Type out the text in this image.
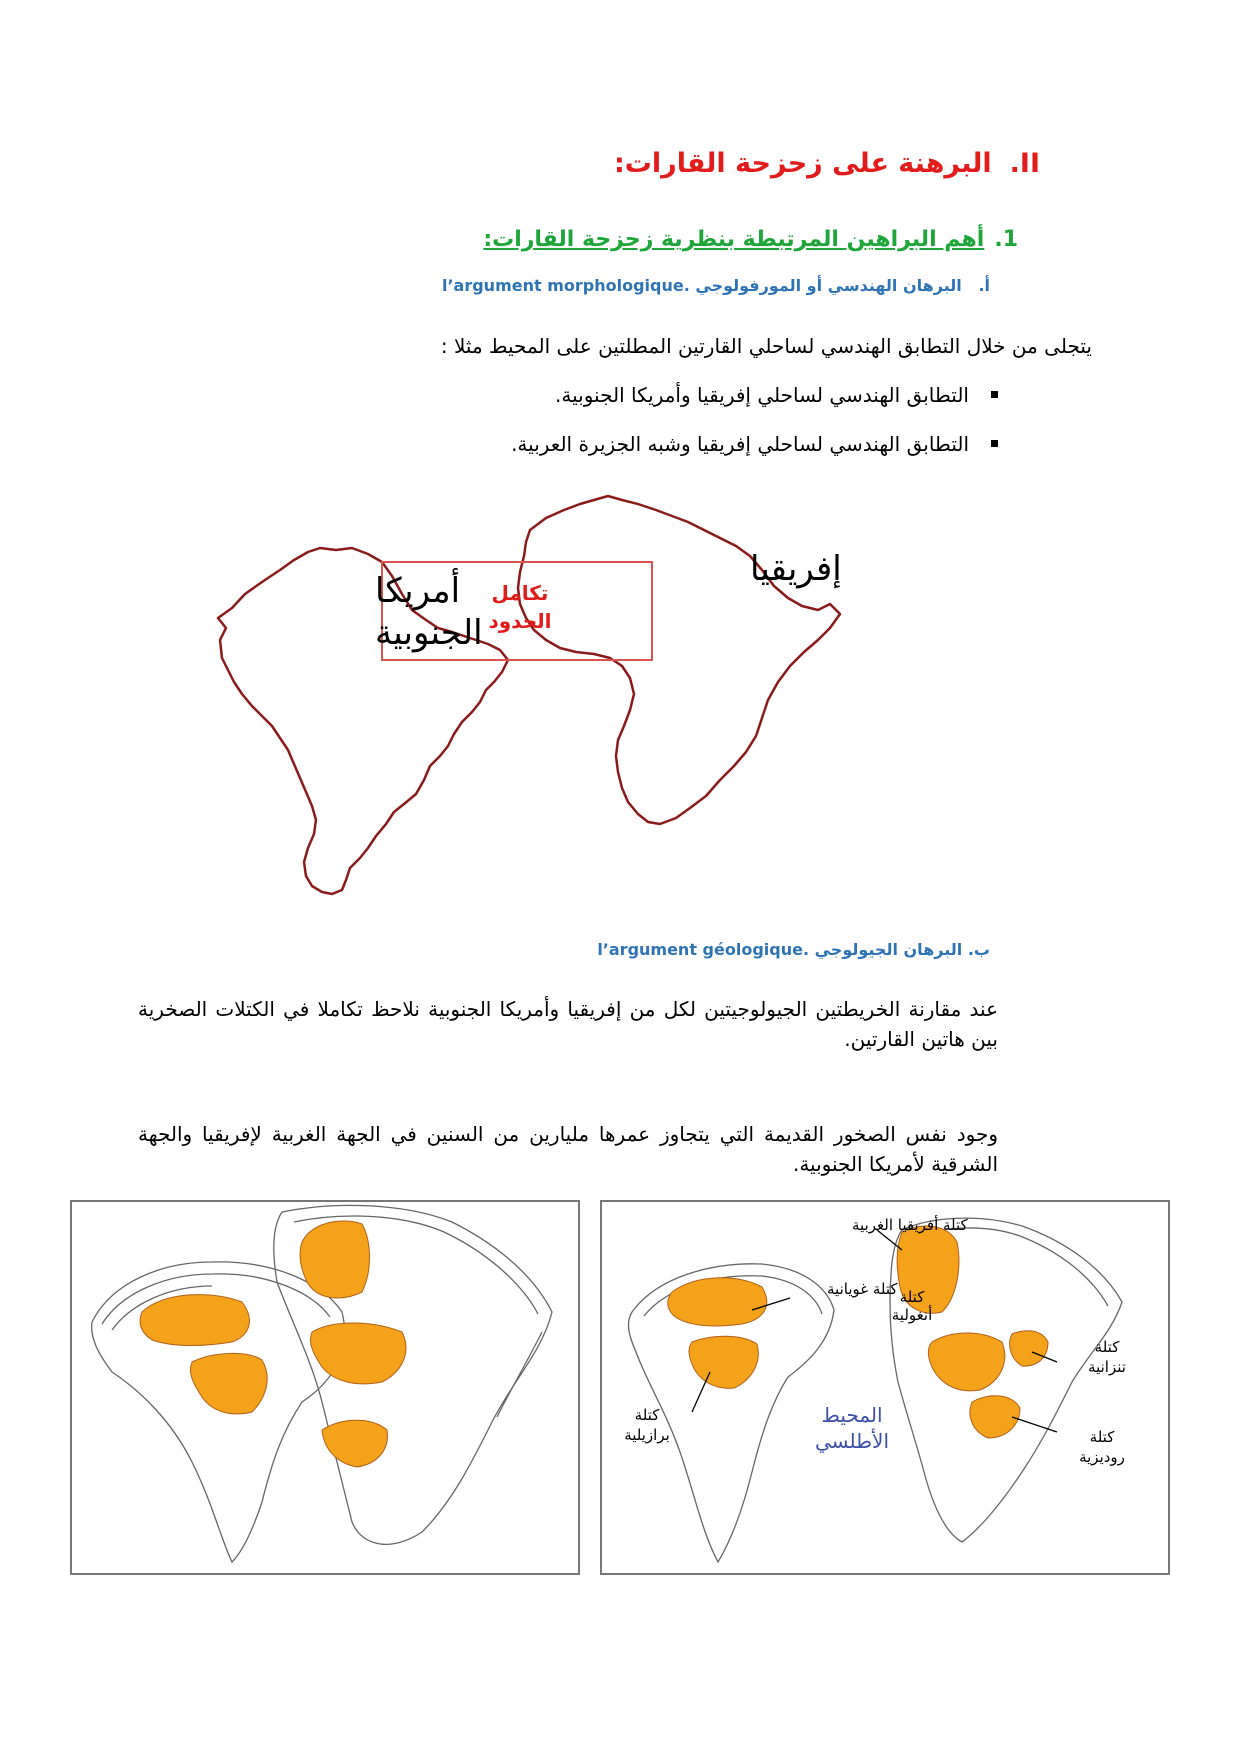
II.البرهنة على زحزحة القارات:
1.أهم البراهين المرتبطة بنظرية زحزحة القارات:
أ.   البرهان الهندسي أو المورفولوجي l’argument morphologique.
يتجلى من خلال التطابق الهندسي لساحلي القارتين المطلتين على المحيط مثلا :
التطابق الهندسي لساحلي إفريقيا وأمريكا الجنوبية.
التطابق الهندسي لساحلي إفريقيا وشبه الجزيرة العربية.
أمريكا
الجنوبية
إفريقيا
تكامل
الحدود
ب. البرهان الجيولوجي l’argument géologique.
عند مقارنة الخريطتين الجيولوجيتين لكل من إفريقيا وأمريكا الجنوبية نلاحظ تكاملا في الكتلات الصخرية بين هاتين القارتين.
وجود نفس الصخور القديمة التي يتجاوز عمرها مليارين من السنين في الجهة الغربية لإفريقيا والجهة الشرقية لأمريكا الجنوبية.
كتلة أفريقيا الغربية
كتلة غويانية كتلة
أنغولية
كتلة
تنزانية
كتلة
برازيلية	كتلة
روديزية
المحيط
الأطلسي
